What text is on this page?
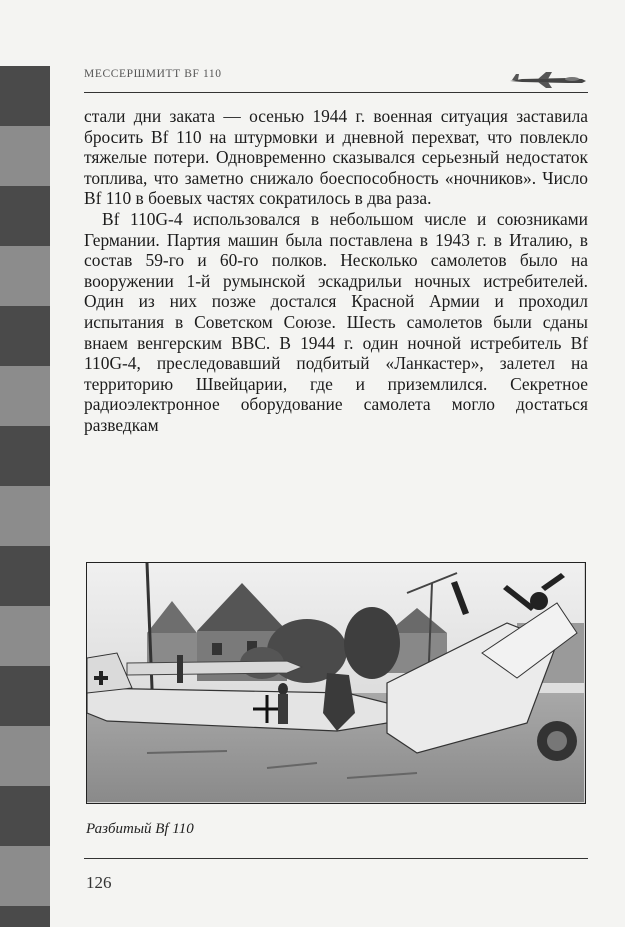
МЕССЕРШМИТТ BF 110

стали дни заката — осенью 1944 г. военная ситуация заставила бросить Bf 110 на штурмовки и дневной перехват, что повлекло тяжелые потери. Одновременно сказывался серьезный недостаток топлива, что заметно снижало боеспособность «ночников». Число Bf 110 в боевых частях сократилось в два раза.

Bf 110G-4 использовался в небольшом числе и союзниками Германии. Партия машин была поставлена в 1943 г. в Италию, в состав 59-го и 60-го полков. Несколько самолетов было на вооружении 1-й румынской эскадрильи ночных истребителей. Один из них позже достался Красной Армии и проходил испытания в Советском Союзе. Шесть самолетов были сданы внаем венгерским ВВС. В 1944 г. один ночной истребитель Bf 110G-4, преследовавший подбитый «Ланкастер», залетел на территорию Швейцарии, где и приземлился. Секретное радиоэлектронное оборудование самолета могло достаться разведкам

Разбитый Bf 110
126
